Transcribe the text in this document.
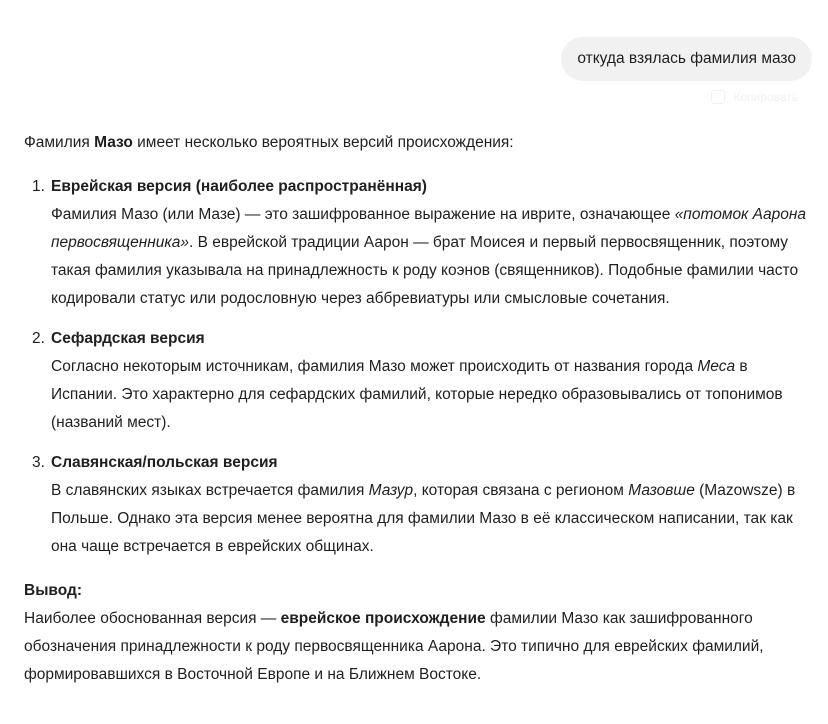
откуда взялась фамилия мазо
Копировать

Фамилия Мазо имеет несколько вероятных версий происхождения:

1. Еврейская версия (наиболее распространённая)
Фамилия Мазо (или Мазе) — это зашифрованное выражение на иврите, означающее «потомок Аарона первосвященника». В еврейской традиции Аарон — брат Моисея и первый первосвященник, поэтому такая фамилия указывала на принадлежность к роду коэнов (священников). Подобные фамилии часто кодировали статус или родословную через аббревиатуры или смысловые сочетания.
2. Сефардская версия
Согласно некоторым источникам, фамилия Мазо может происходить от названия города Меса в Испании. Это характерно для сефардских фамилий, которые нередко образовывались от топонимов (названий мест).
3. Славянская/польская версия
В славянских языках встречается фамилия Мазур, которая связана с регионом Мазовше (Mazowsze) в Польше. Однако эта версия менее вероятна для фамилии Мазо в её классическом написании, так как она чаще встречается в еврейских общинах.

Вывод:
Наиболее обоснованная версия — еврейское происхождение фамилии Мазо как зашифрованного обозначения принадлежности к роду первосвященника Аарона. Это типично для еврейских фамилий, формировавшихся в Восточной Европе и на Ближнем Востоке.
